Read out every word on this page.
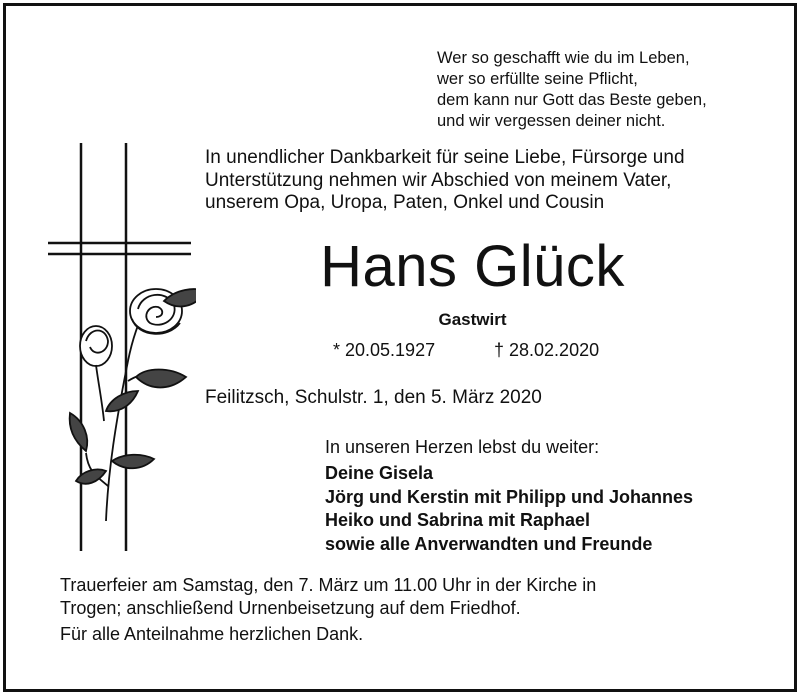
Wer so geschafft wie du im Leben,
wer so erfüllte seine Pflicht,
dem kann nur Gott das Beste geben,
und wir vergessen deiner nicht.
In unendlicher Dankbarkeit für seine Liebe, Fürsorge und
Unterstützung nehmen wir Abschied von meinem Vater,
unserem Opa, Uropa, Paten, Onkel und Cousin
Hans Glück
Gastwirt
* 20.05.1927	† 28.02.2020
Feilitzsch, Schulstr. 1, den 5. März 2020
In unseren Herzen lebst du weiter:
Deine Gisela
Jörg und Kerstin mit Philipp und Johannes
Heiko und Sabrina mit Raphael
sowie alle Anverwandten und Freunde
Trauerfeier am Samstag, den 7. März um 11.00 Uhr in der Kirche in
Trogen; anschließend Urnenbeisetzung auf dem Friedhof.
Für alle Anteilnahme herzlichen Dank.
